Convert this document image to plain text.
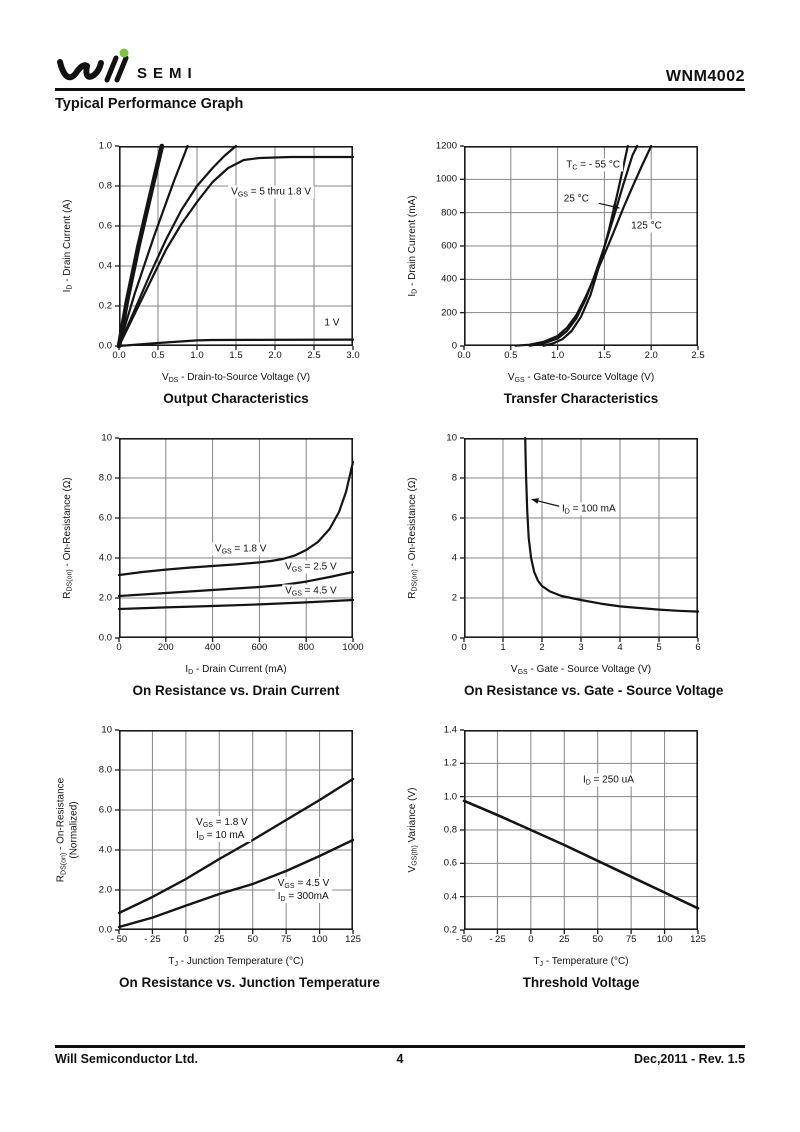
SEMI	WNM4002
Typical Performance Graph
$I_D$ - Drain Current (A)
0.0	0.5	1.0	1.5	2.0	2.5	3.0
0.0
0.2
0.4
0.6
0.8
1.0
$V_{GS} = 5$ thru 1.8 V
1 V
$V_{DS}$ - Drain-to-Source Voltage (V)
Output Characteristics
$I_D$ - Drain Current (mA)
0.0	0.5	1.0	1.5	2.0	2.5
0
200
400
600
800
1000
1200
$T_C$ = - 55 °C
25 °C
125 °C
$V_{GS}$ - Gate-to-Source Voltage (V)
Transfer Characteristics
$R_{DS(on)}$ - On-Resistance (Ω)
0	200	400	600	800	1000
0.0
2.0
4.0
6.0
8.0
10
$V_{GS} = 1.8$ V
$V_{GS} = 2.5$ V
$V_{GS} = 4.5$ V
$I_D$ - Drain Current (mA)
On Resistance vs. Drain Current
$R_{DS(on)}$ - On-Resistance (Ω)
0	1	2	3	4	5	6
0
2
4
6
8
10
$I_D = 100$ mA
$V_{GS}$ - Gate - Source Voltage (V)
On Resistance vs. Gate - Source Voltage
$R_{DS(on)}$ - On-Resistance (Normalized)
- 50 - 25 0	25 50 75 100 125
0.0
2.0
4.0
6.0
8.0
10
$V_{GS} = 1.8$ V
$I_D = 10$ mA
$V_{GS} = 4.5$ V
$I_D = 300mA$
$T_J$ - Junction Temperature (°C)
On Resistance vs. Junction Temperature
$V_{GS(th)}$ Variance (V)
- 50 - 25 0	25 50 75 100 125
0.2
0.4
0.6
0.8
1.0
1.2
1.4
$I_D = 250$ uA
$T_J$ - Temperature (°C)
Threshold Voltage
4
Will Semiconductor Ltd.	Dec,2011 - Rev. 1.5
